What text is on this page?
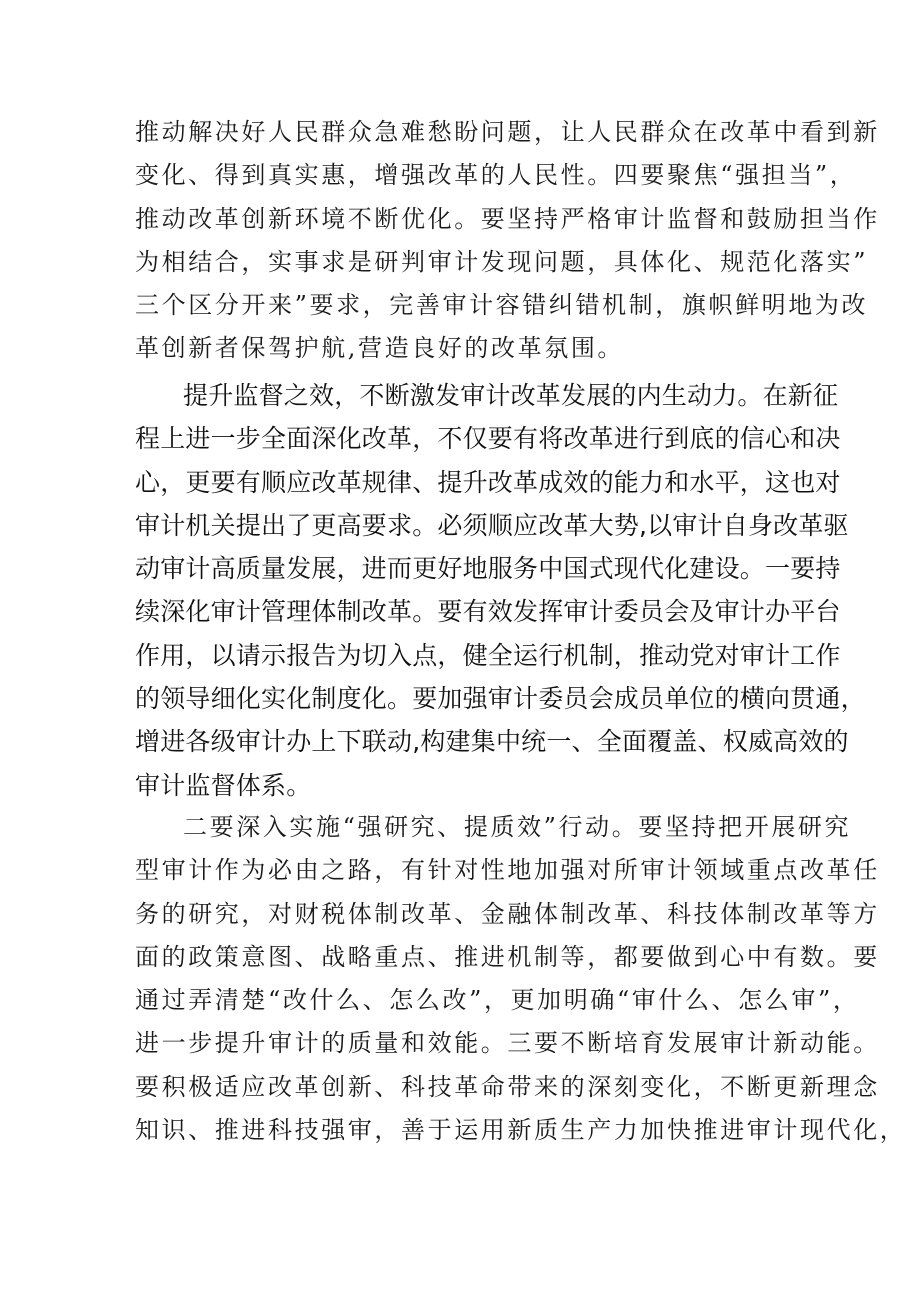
推动解决好人民群众急难愁盼问题，让人民群众在改革中看到新
变化、得到真实惠，增强改革的人民性。四要聚焦“强担当”，
推动改革创新环境不断优化。要坚持严格审计监督和鼓励担当作
为相结合，实事求是研判审计发现问题，具体化、规范化落实”
三个区分开来”要求，完善审计容错纠错机制，旗帜鲜明地为改
革创新者保驾护航,营造良好的改革氛围。
提升监督之效，不断激发审计改革发展的内生动力。在新征
程上进一步全面深化改革，不仅要有将改革进行到底的信心和决
心，更要有顺应改革规律、提升改革成效的能力和水平，这也对
审计机关提出了更高要求。必须顺应改革大势,以审计自身改革驱
动审计高质量发展，进而更好地服务中国式现代化建设。一要持
续深化审计管理体制改革。要有效发挥审计委员会及审计办平台
作用，以请示报告为切入点，健全运行机制，推动党对审计工作
的领导细化实化制度化。要加强审计委员会成员单位的横向贯通，
增进各级审计办上下联动,构建集中统一、全面覆盖、权威高效的
审计监督体系。
二要深入实施“强研究、提质效”行动。要坚持把开展研究
型审计作为必由之路，有针对性地加强对所审计领域重点改革任
务的研究，对财税体制改革、金融体制改革、科技体制改革等方
面的政策意图、战略重点、推进机制等，都要做到心中有数。要
通过弄清楚“改什么、怎么改”，更加明确“审什么、怎么审”，
进一步提升审计的质量和效能。三要不断培育发展审计新动能。
要积极适应改革创新、科技革命带来的深刻变化，不断更新理念
知识、推进科技强审，善于运用新质生产力加快推进审计现代化，
